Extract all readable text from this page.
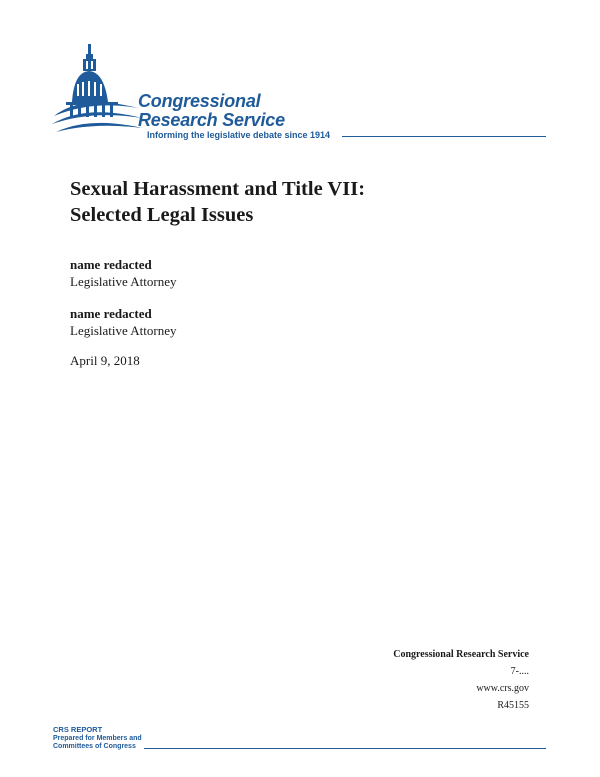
Congressional
Research Service
Informing the legislative debate since 1914
Sexual Harassment and Title VII:
Selected Legal Issues
name redacted
Legislative Attorney
name redacted
Legislative Attorney
April 9, 2018
Congressional Research Service
7-....
www.crs.gov
R45155
CRS REPORT
Prepared for Members and
Committees of Congress
